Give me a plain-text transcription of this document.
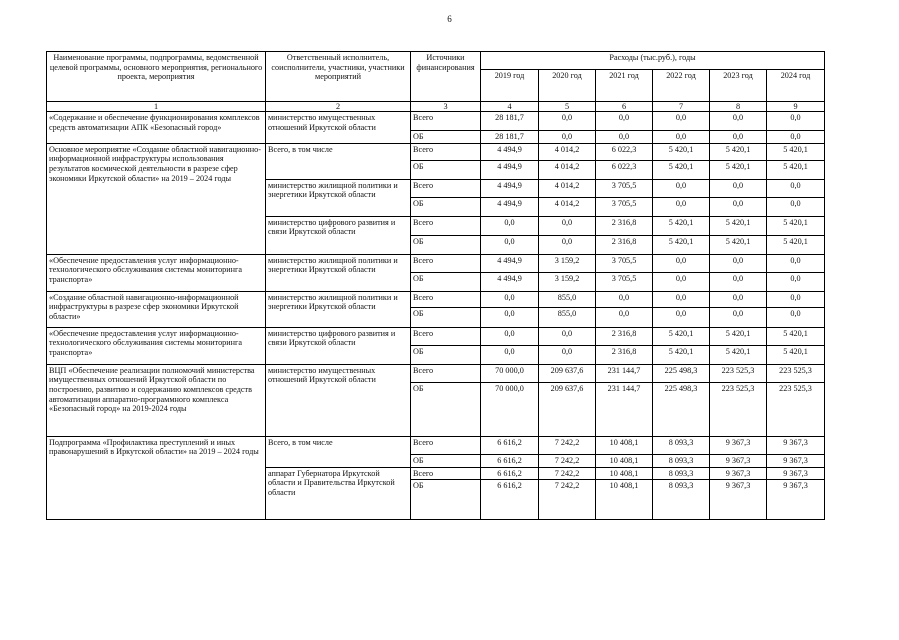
6
Наименование программы, подпрограммы, ведомственной целевой программы, основного мероприятия, регионального проекта, мероприятия	Ответственный исполнитель, соисполнители, участники, участники мероприятий	Источники финансирования	Расходы (тыс.руб.), годы					
			2019 год	2020 год	2021 год	2022 год	2023 год	2024 год
1	2	3	4	5	6	7	8	9
«Содержание и обеспечение функционирования комплексов средств автоматизации АПК «Безопасный город»	министерство имущественных отношений Иркутской области	Всего	28 181,7	0,0	0,0	0,0	0,0	0,0
		ОБ	28 181,7	0,0	0,0	0,0	0,0	0,0
Основное мероприятие «Создание областной навигационно-информационной инфраструктуры использования результатов космической деятельности в разрезе сфер экономики Иркутской области» на 2019 – 2024 годы	Всего, в том числе	Всего	4 494,9	4 014,2	6 022,3	5 420,1	5 420,1	5 420,1
		ОБ	4 494,9	4 014,2	6 022,3	5 420,1	5 420,1	5 420,1
	министерство жилищной политики и энергетики Иркутской области	Всего	4 494,9	4 014,2	3 705,5	0,0	0,0	0,0
		ОБ	4 494,9	4 014,2	3 705,5	0,0	0,0	0,0
	министерство цифрового развития и связи Иркутской области	Всего	0,0	0,0	2 316,8	5 420,1	5 420,1	5 420,1
		ОБ	0,0	0,0	2 316,8	5 420,1	5 420,1	5 420,1
«Обеспечение предоставления услуг информационно-технологического обслуживания системы мониторинга транспорта»	министерство жилищной политики и энергетики Иркутской области	Всего	4 494,9	3 159,2	3 705,5	0,0	0,0	0,0
		ОБ	4 494,9	3 159,2	3 705,5	0,0	0,0	0,0
«Создание областной навигационно-информационной инфраструктуры в разрезе сфер экономики Иркутской области»	министерство жилищной политики и энергетики Иркутской области	Всего	0,0	855,0	0,0	0,0	0,0	0,0
		ОБ	0,0	855,0	0,0	0,0	0,0	0,0
«Обеспечение предоставления услуг информационно-технологического обслуживания системы мониторинга транспорта»	министерство цифрового развития и связи Иркутской области	Всего	0,0	0,0	2 316,8	5 420,1	5 420,1	5 420,1
		ОБ	0,0	0,0	2 316,8	5 420,1	5 420,1	5 420,1
ВЦП «Обеспечение реализации полномочий министерства имущественных отношений Иркутской области по построению, развитию и содержанию комплексов средств автоматизации аппаратно-программного комплекса «Безопасный город» на 2019-2024 годы	министерство имущественных отношений Иркутской области	Всего	70 000,0	209 637,6	231 144,7	225 498,3	223 525,3	223 525,3
		ОБ	70 000,0	209 637,6	231 144,7	225 498,3	223 525,3	223 525,3
Подпрограмма «Профилактика преступлений и иных правонарушений в Иркутской области» на 2019 – 2024 годы	Всего, в том числе	Всего	6 616,2	7 242,2	10 408,1	8 093,3	9 367,3	9 367,3
		ОБ	6 616,2	7 242,2	10 408,1	8 093,3	9 367,3	9 367,3
	аппарат Губернатора Иркутской области и Правительства Иркутской области	Всего	6 616,2	7 242,2	10 408,1	8 093,3	9 367,3	9 367,3
		ОБ	6 616,2	7 242,2	10 408,1	8 093,3	9 367,3	9 367,3
